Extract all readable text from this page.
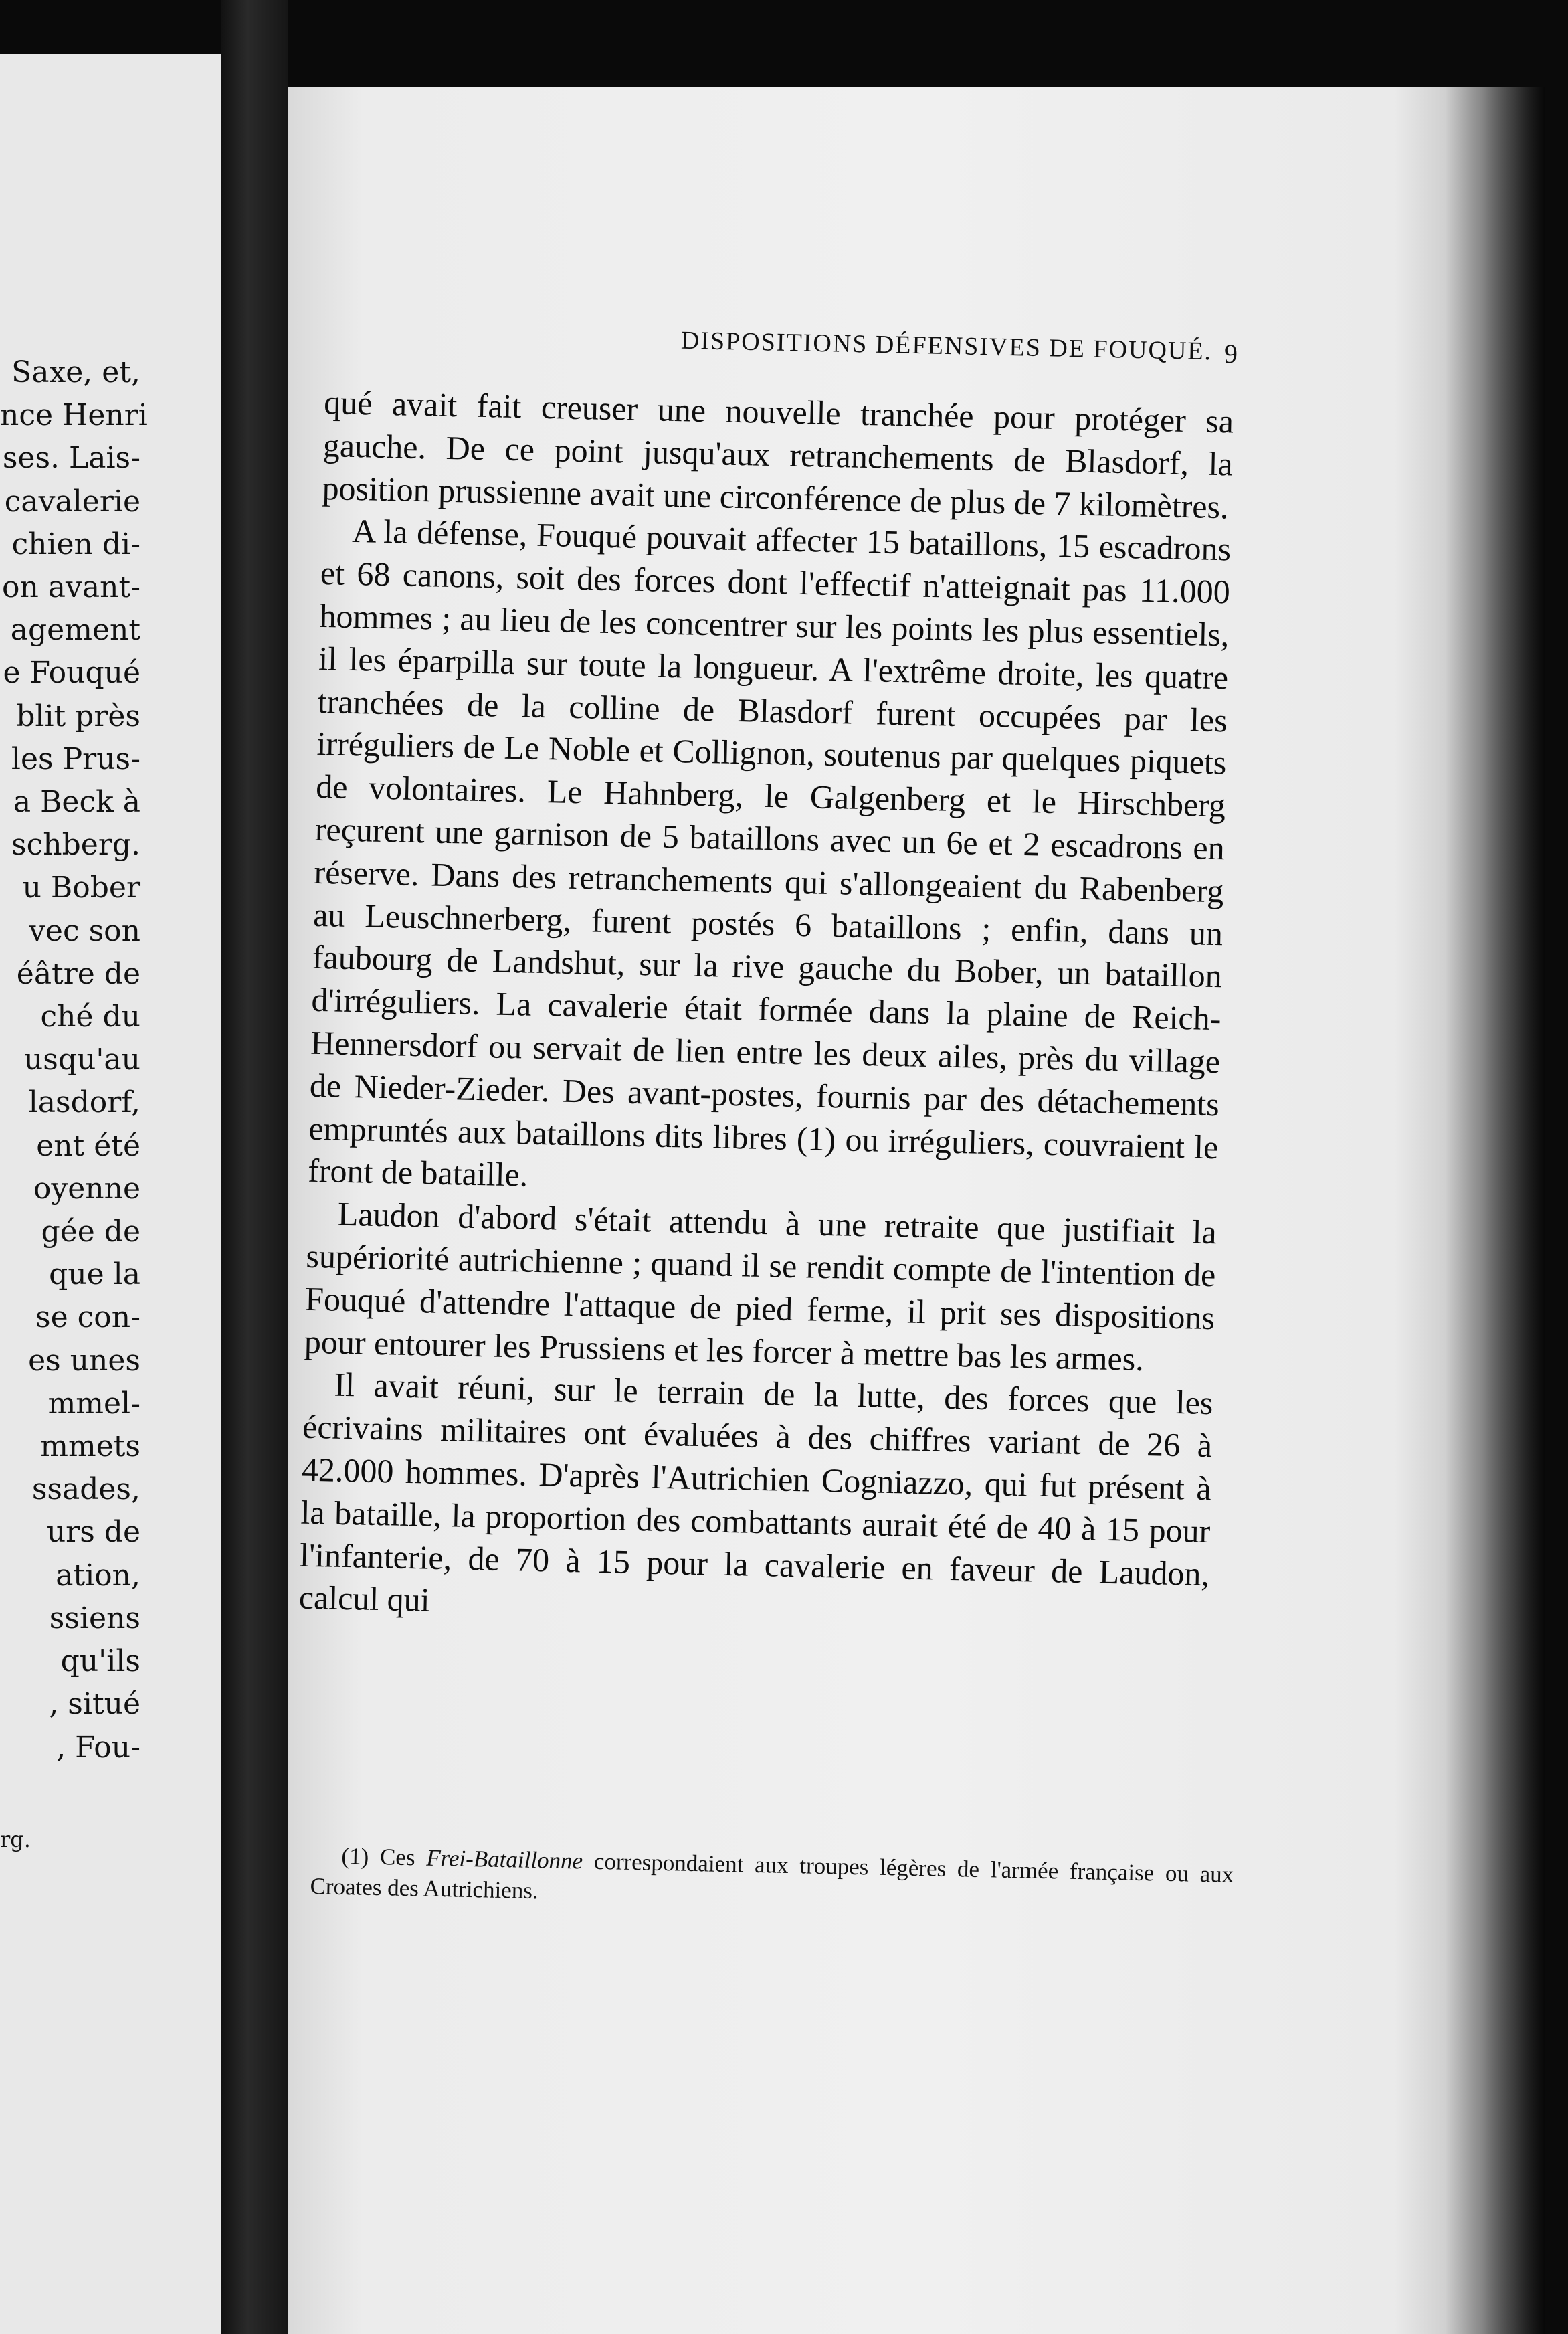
Saxe, et,
nce Henri
ses. Lais-
cavalerie
chien di-
on avant-
agement
e Fouqué
blit près
les Prus-
a Beck à
schberg.
u Bober
vec son
éâtre de
ché du
usqu'au
lasdorf,
ent été
oyenne
gée de
que la
se con-
es unes
mmel-
mmets
ssades,
urs de
ation,
ssiens
qu'ils
, situé
, Fou-
rg.
DISPOSITIONS DÉFENSIVES DE FOUQUÉ. 9

qué avait fait creuser une nouvelle tranchée pour protéger sa gauche. De ce point jusqu'aux retranchements de Blasdorf, la position prussienne avait une circonférence de plus de 7 kilomètres.

A la défense, Fouqué pouvait affecter 15 bataillons, 15 escadrons et 68 canons, soit des forces dont l'effectif n'atteignait pas 11.000 hommes ; au lieu de les concentrer sur les points les plus essentiels, il les éparpilla sur toute la longueur. A l'extrême droite, les quatre tranchées de la colline de Blasdorf furent occupées par les irréguliers de Le Noble et Collignon, soutenus par quelques piquets de volontaires. Le Hahnberg, le Galgenberg et le Hirschberg reçurent une garnison de 5 bataillons avec un 6e et 2 escadrons en réserve. Dans des retranchements qui s'allongeaient du Rabenberg au Leuschnerberg, furent postés 6 bataillons ; enfin, dans un faubourg de Landshut, sur la rive gauche du Bober, un bataillon d'irréguliers. La cavalerie était formée dans la plaine de Reich-Hennersdorf ou servait de lien entre les deux ailes, près du village de Nieder-Zieder. Des avant-postes, fournis par des détachements empruntés aux bataillons dits libres (1) ou irréguliers, couvraient le front de bataille.

Laudon d'abord s'était attendu à une retraite que justifiait la supériorité autrichienne ; quand il se rendit compte de l'intention de Fouqué d'attendre l'attaque de pied ferme, il prit ses dispositions pour entourer les Prussiens et les forcer à mettre bas les armes.

Il avait réuni, sur le terrain de la lutte, des forces que les écrivains militaires ont évaluées à des chiffres variant de 26 à 42.000 hommes. D'après l'Autrichien Cogniazzo, qui fut présent à la bataille, la proportion des combattants aurait été de 40 à 15 pour l'infanterie, de 70 à 15 pour la cavalerie en faveur de Laudon, calcul qui

(1) Ces Frei-Bataillonne correspondaient aux troupes légères de l'armée française ou aux Croates des Autrichiens.
